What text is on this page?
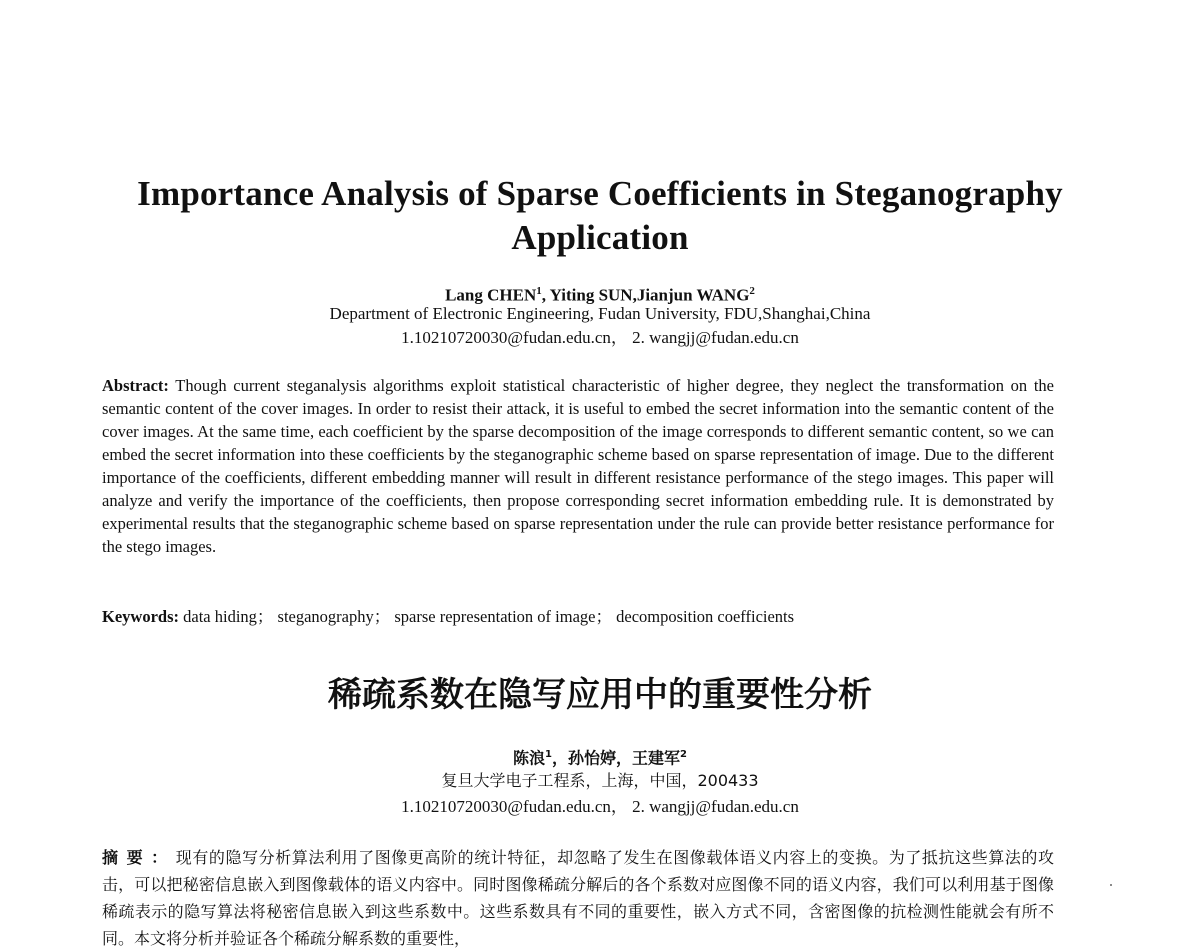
Importance Analysis of Sparse Coefficients in Steganography
Application
Lang CHEN$^1$, Yiting SUN,Jianjun WANG$^2$
Department of Electronic Engineering, Fudan University, FDU,Shanghai,China
1.10210720030@fudan.edu.cn， 2. wangjj@fudan.edu.cn
Abstract: Though current steganalysis algorithms exploit statistical characteristic of higher degree, they neglect the transformation on the semantic content of the cover images. In order to resist their attack, it is useful to embed the secret information into the semantic content of the cover images. At the same time, each coefficient by the sparse decomposition of the image corresponds to different semantic content, so we can embed the secret information into these coefficients by the steganographic scheme based on sparse representation of image. Due to the different importance of the coefficients, different embedding manner will result in different resistance performance of the stego images. This paper will analyze and verify the importance of the coefficients, then propose corresponding secret information embedding rule. It is demonstrated by experimental results that the steganographic scheme based on sparse representation under the rule can provide better resistance performance for the stego images.
Keywords: data hiding； steganography； sparse representation of image； decomposition coefficients
稀疏系数在隐写应用中的重要性分析
陈浪$^1$，孙怡婷，王建军$^2$
复旦大学电子工程系，上海，中国，200433
1.10210720030@fudan.edu.cn， 2. wangjj@fudan.edu.cn
摘要：现有的隐写分析算法利用了图像更高阶的统计特征，却忽略了发生在图像载体语义内容上的变换。为了抵抗这些算法的攻击，可以把秘密信息嵌入到图像载体的语义内容中。同时图像稀疏分解后的各个系数对应图像不同的语义内容，我们可以利用基于图像稀疏表示的隐写算法将秘密信息嵌入到这些系数中。这些系数具有不同的重要性，嵌入方式不同，含密图像的抗检测性能就会有所不同。本文将分析并验证各个稀疏分解系数的重要性，
